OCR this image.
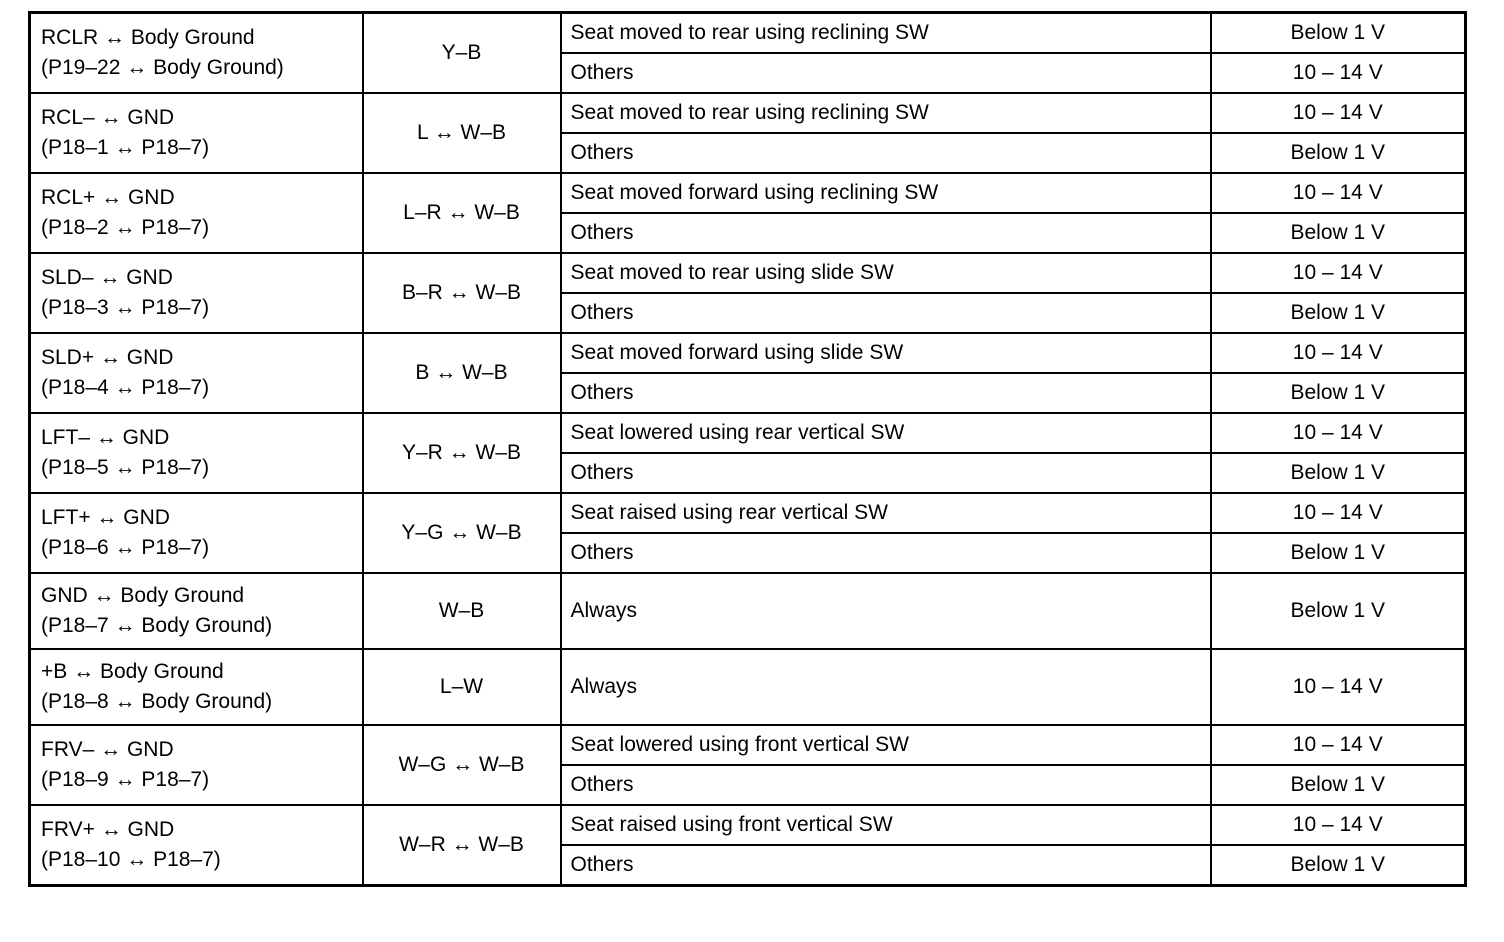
RCLR ↔ Body Ground
(P19–22 ↔ Body Ground)	Y–B	Seat moved to rear using reclining SW	Below 1 V
		Others	10 – 14 V

RCL– ↔ GND
(P18–1 ↔ P18–7)	L ↔ W–B	Seat moved to rear using reclining SW	10 – 14 V
		Others	Below 1 V

RCL+ ↔ GND
(P18–2 ↔ P18–7)	L–R ↔ W–B	Seat moved forward using reclining SW	10 – 14 V
		Others	Below 1 V

SLD– ↔ GND
(P18–3 ↔ P18–7)	B–R ↔ W–B	Seat moved to rear using slide SW	10 – 14 V
		Others	Below 1 V

SLD+ ↔ GND
(P18–4 ↔ P18–7)	B ↔ W–B	Seat moved forward using slide SW	10 – 14 V
		Others	Below 1 V

LFT– ↔ GND
(P18–5 ↔ P18–7)	Y–R ↔ W–B	Seat lowered using rear vertical SW	10 – 14 V
		Others	Below 1 V

LFT+ ↔ GND
(P18–6 ↔ P18–7)	Y–G ↔ W–B	Seat raised using rear vertical SW	10 – 14 V
		Others	Below 1 V

GND ↔ Body Ground
(P18–7 ↔ Body Ground)	W–B	Always	Below 1 V

+B ↔ Body Ground
(P18–8 ↔ Body Ground)	L–W	Always	10 – 14 V

FRV– ↔ GND
(P18–9 ↔ P18–7)	W–G ↔ W–B	Seat lowered using front vertical SW	10 – 14 V
		Others	Below 1 V

FRV+ ↔ GND
(P18–10 ↔ P18–7)	W–R ↔ W–B	Seat raised using front vertical SW	10 – 14 V
		Others	Below 1 V
